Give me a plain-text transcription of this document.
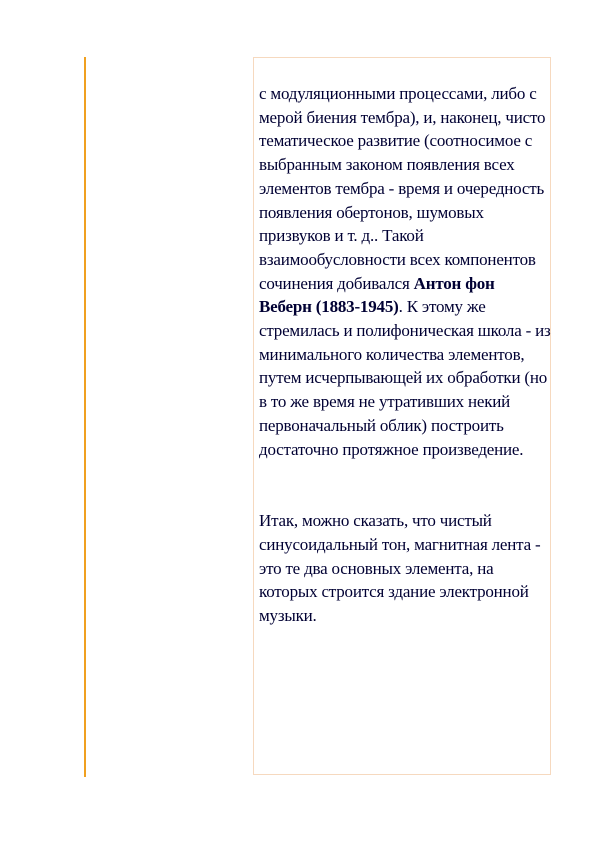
с модуляционными процессами, либо с мерой биения тембра), и, наконец, чисто тематическое развитие (соотносимое с выбранным законом появления всех элементов тембра - время и очередность появления обертонов, шумовых призвуков и т. д.. Такой взаимообусловности всех компонентов сочинения добивался Антон фон Веберн (1883-1945). К этому же стремилась и полифоническая школа - из минимального количества элементов, путем исчерпывающей их обработки (но в то же время не утративших некий первоначальный облик) построить достаточно протяжное произведение.

Итак, можно сказать, что чистый синусоидальный тон, магнитная лента - это те два основных элемента, на которых строится здание электронной музыки.
